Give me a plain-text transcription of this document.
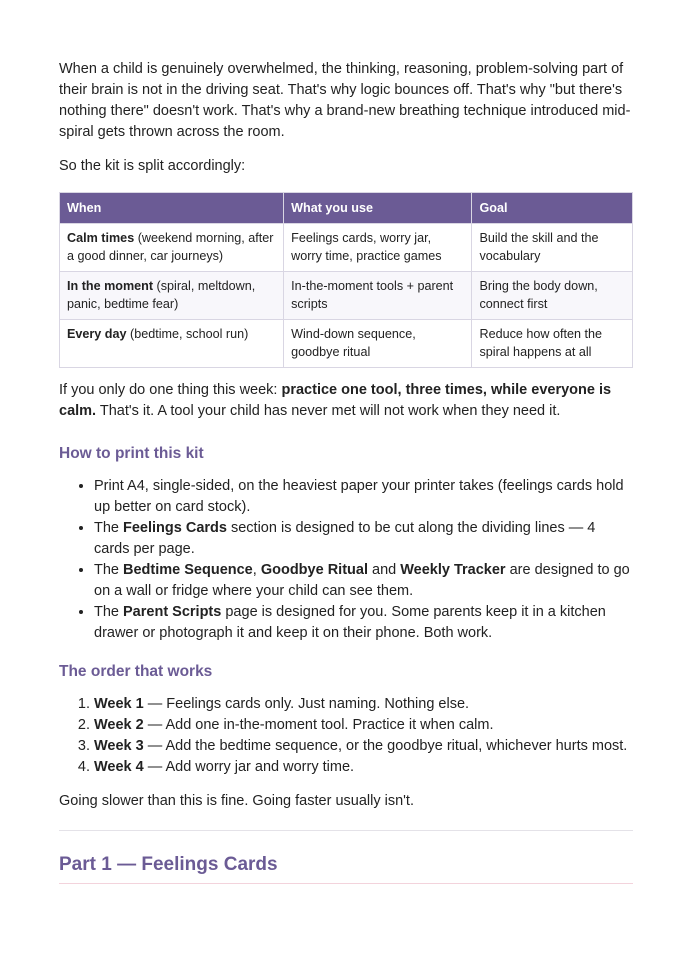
When a child is genuinely overwhelmed, the thinking, reasoning, problem-solving part of their brain is not in the driving seat. That's why logic bounces off. That's why "but there's nothing there" doesn't work. That's why a brand-new breathing technique introduced mid-spiral gets thrown across the room.

So the kit is split accordingly:

When	What you use	Goal
Calm times (weekend morning, after a good dinner, car journeys)	Feelings cards, worry jar, worry time, practice games	Build the skill and the vocabulary
In the moment (spiral, meltdown, panic, bedtime fear)	In-the-moment tools + parent scripts	Bring the body down, connect first
Every day (bedtime, school run)	Wind-down sequence, goodbye ritual	Reduce how often the spiral happens at all

If you only do one thing this week: practice one tool, three times, while everyone is calm. That's it. A tool your child has never met will not work when they need it.

How to print this kit
• Print A4, single-sided, on the heaviest paper your printer takes (feelings cards hold up better on card stock).
• The Feelings Cards section is designed to be cut along the dividing lines — 4 cards per page.
• The Bedtime Sequence, Goodbye Ritual and Weekly Tracker are designed to go on a wall or fridge where your child can see them.
• The Parent Scripts page is designed for you. Some parents keep it in a kitchen drawer or photograph it and keep it on their phone. Both work.
The order that works
1. Week 1 — Feelings cards only. Just naming. Nothing else.
2. Week 2 — Add one in-the-moment tool. Practice it when calm.
3. Week 3 — Add the bedtime sequence, or the goodbye ritual, whichever hurts most.
4. Week 4 — Add worry jar and worry time.

Going slower than this is fine. Going faster usually isn't.

Part 1 — Feelings Cards
